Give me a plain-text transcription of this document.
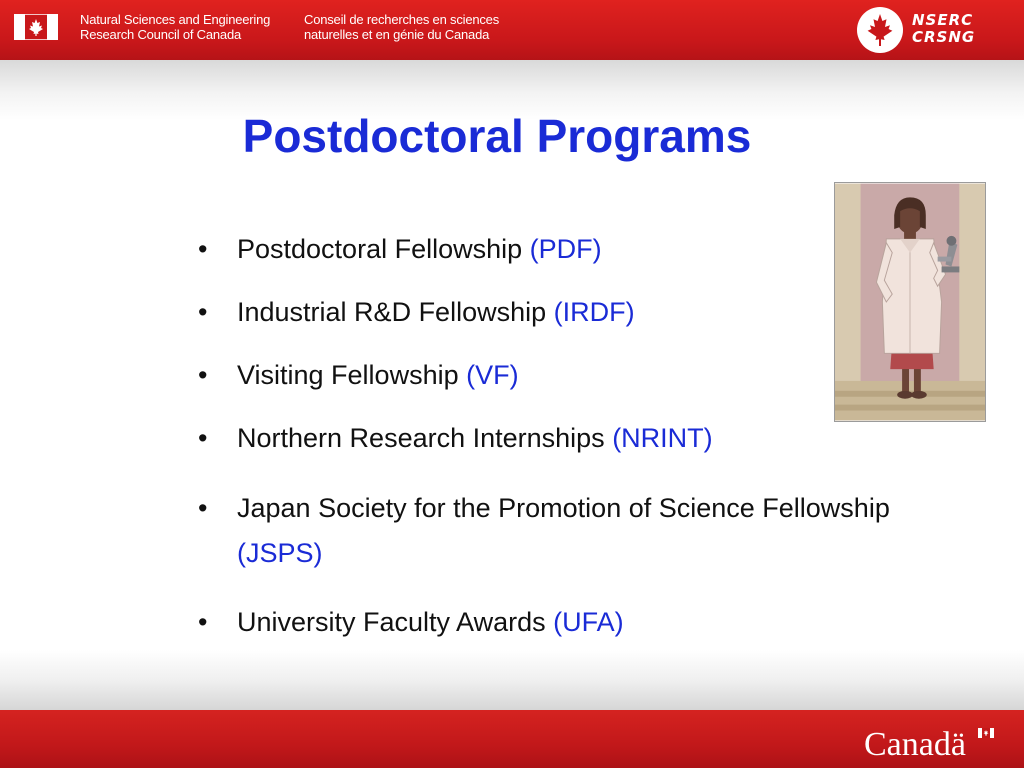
Natural Sciences and Engineering
Research Council of Canada
Conseil de recherches en sciences
naturelles et en génie du Canada
NSERC
CRSNG
Postdoctoral Programs
• Postdoctoral Fellowship (PDF)
• Industrial R&D Fellowship (IRDF)
• Visiting Fellowship (VF)
• Northern Research Internships (NRINT)
• Japan Society for the Promotion of Science Fellowship (JSPS)
• University Faculty Awards (UFA)
Canadä
